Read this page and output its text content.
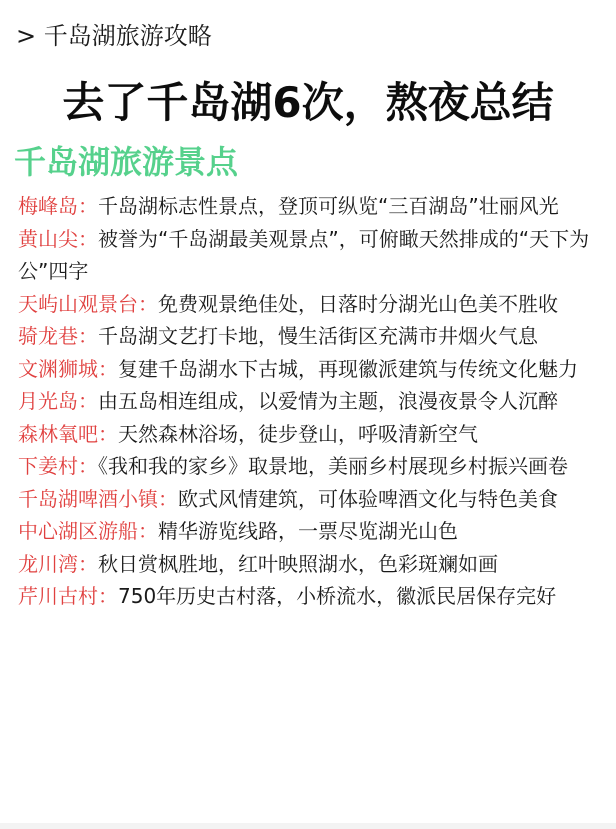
> 千岛湖旅游攻略
去了千岛湖6次，熬夜总结
千岛湖旅游景点
梅峰岛：千岛湖标志性景点，登顶可纵览“三百湖岛”壮丽风光
黄山尖：被誉为“千岛湖最美观景点”，可俯瞰天然排成的“天下为公”四字
天屿山观景台：免费观景绝佳处，日落时分湖光山色美不胜收
骑龙巷：千岛湖文艺打卡地，慢生活街区充满市井烟火气息
文渊狮城：复建千岛湖水下古城，再现徽派建筑与传统文化魅力
月光岛：由五岛相连组成，以爱情为主题，浪漫夜景令人沉醉
森林氧吧：天然森林浴场，徒步登山，呼吸清新空气
下姜村：《我和我的家乡》取景地，美丽乡村展现乡村振兴画卷
千岛湖啤酒小镇：欧式风情建筑，可体验啤酒文化与特色美食
中心湖区游船：精华游览线路，一票尽览湖光山色
龙川湾：秋日赏枫胜地，红叶映照湖水，色彩斑斓如画
芹川古村：750年历史古村落，小桥流水，徽派民居保存完好
